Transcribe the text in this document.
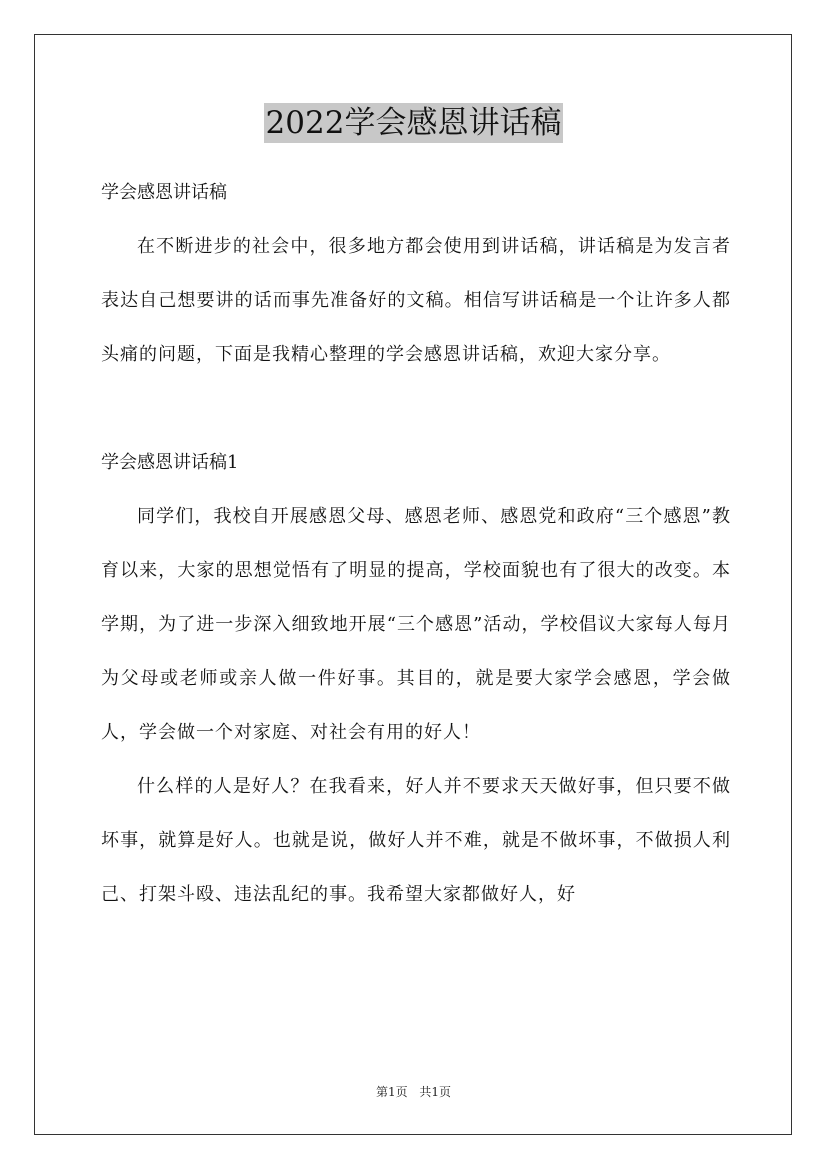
2022学会感恩讲话稿

学会感恩讲话稿

在不断进步的社会中，很多地方都会使用到讲话稿，讲话稿是为发言者表达自己想要讲的话而事先准备好的文稿。相信写讲话稿是一个让许多人都头痛的问题，下面是我精心整理的学会感恩讲话稿，欢迎大家分享。

学会感恩讲话稿1

同学们，我校自开展感恩父母、感恩老师、感恩党和政府“三个感恩”教育以来，大家的思想觉悟有了明显的提高，学校面貌也有了很大的改变。本学期，为了进一步深入细致地开展“三个感恩”活动，学校倡议大家每人每月为父母或老师或亲人做一件好事。其目的，就是要大家学会感恩，学会做人，学会做一个对家庭、对社会有用的好人！

什么样的人是好人？在我看来，好人并不要求天天做好事，但只要不做坏事，就算是好人。也就是说，做好人并不难，就是不做坏事，不做损人利己、打架斗殴、违法乱纪的事。我希望大家都做好人，好

第1页 共1页
